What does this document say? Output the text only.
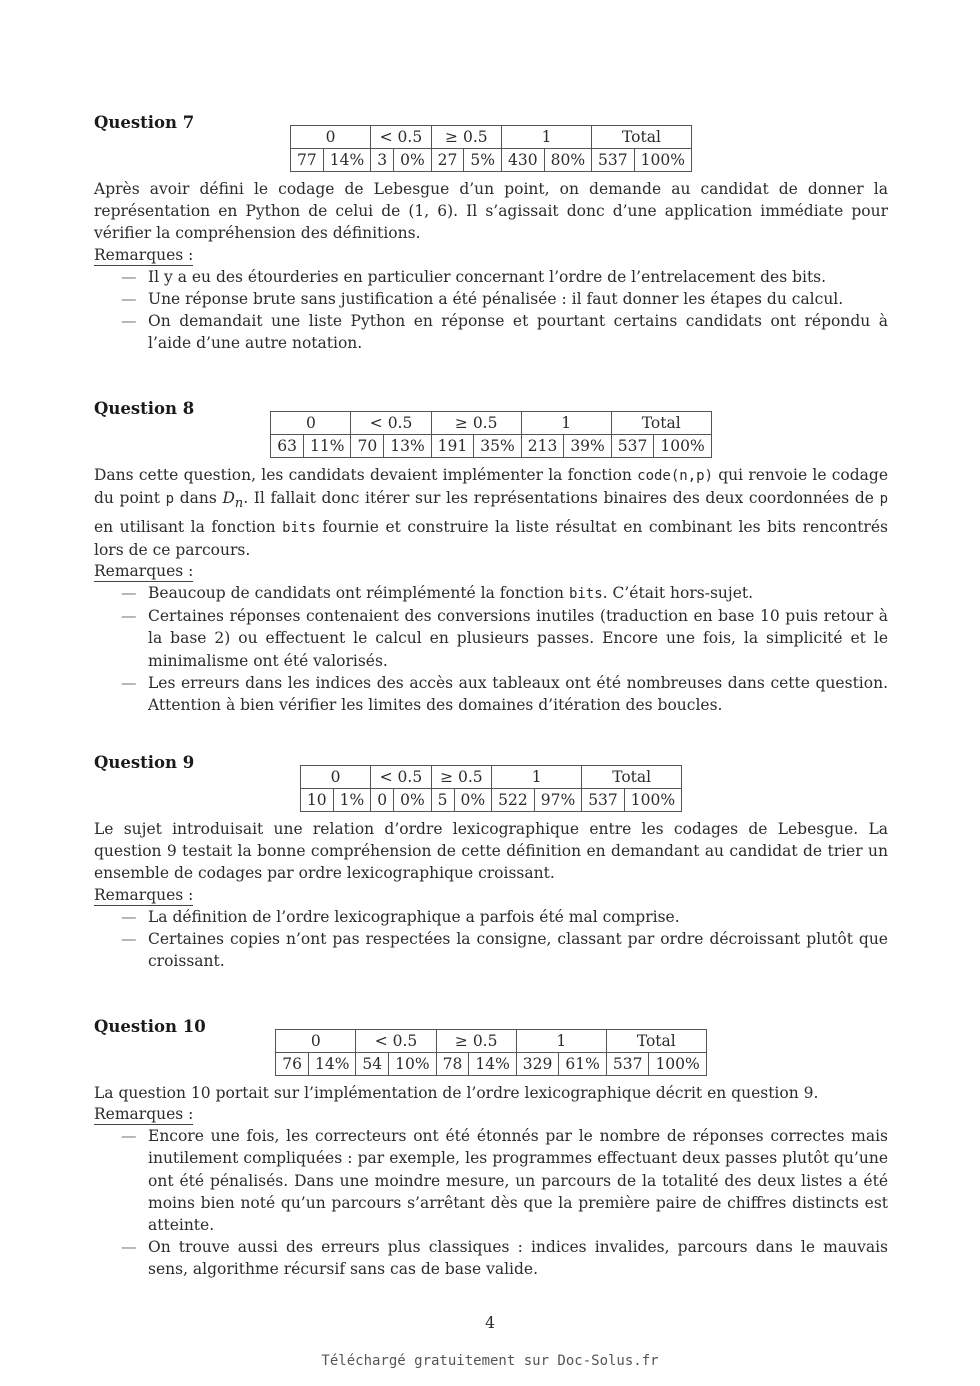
Question 7
0		< 0.5		≥ 0.5		1		Total	
77	14%	3	0%	27	5%	430	80%	537	100%

Après avoir défini le codage de Lebesgue d’un point, on demande au candidat de donner la représentation en Python de celui de (1, 6). Il s’agissait donc d’une application immédiate pour vérifier la compréhension des définitions.

Remarques :
— Il y a eu des étourderies en particulier concernant l’ordre de l’entrelacement des bits.
— Une réponse brute sans justification a été pénalisée : il faut donner les étapes du calcul.
— On demandait une liste Python en réponse et pourtant certains candidats ont répondu à l’aide d’une autre notation.
Question 8
0		< 0.5		≥ 0.5		1		Total	
63	11%	70	13%	191	35%	213	39%	537	100%

Dans cette question, les candidats devaient implémenter la fonction code(n,p) qui renvoie le codage du point p dans $D_n$. Il fallait donc itérer sur les représentations binaires des deux coordonnées de p en utilisant la fonction bits fournie et construire la liste résultat en combinant les bits rencontrés lors de ce parcours.

Remarques :
— Beaucoup de candidats ont réimplémenté la fonction bits. C’était hors-sujet.
— Certaines réponses contenaient des conversions inutiles (traduction en base 10 puis retour à la base 2) ou effectuent le calcul en plusieurs passes. Encore une fois, la simplicité et le minimalisme ont été valorisés.
— Les erreurs dans les indices des accès aux tableaux ont été nombreuses dans cette question. Attention à bien vérifier les limites des domaines d’itération des boucles.
Question 9
0		< 0.5		≥ 0.5		1		Total	
10	1%	0	0%	5	0%	522	97%	537	100%

Le sujet introduisait une relation d’ordre lexicographique entre les codages de Lebesgue. La question 9 testait la bonne compréhension de cette définition en demandant au candidat de trier un ensemble de codages par ordre lexicographique croissant.

Remarques :
— La définition de l’ordre lexicographique a parfois été mal comprise.
— Certaines copies n’ont pas respectées la consigne, classant par ordre décroissant plutôt que croissant.
Question 10
0		< 0.5		≥ 0.5		1		Total	
76	14%	54	10%	78	14%	329	61%	537	100%

La question 10 portait sur l’implémentation de l’ordre lexicographique décrit en question 9.

Remarques :
— Encore une fois, les correcteurs ont été étonnés par le nombre de réponses correctes mais inutilement compliquées : par exemple, les programmes effectuant deux passes plutôt qu’une ont été pénalisés. Dans une moindre mesure, un parcours de la totalité des deux listes a été moins bien noté qu’un parcours s’arrêtant dès que la première paire de chiffres distincts est atteinte.
— On trouve aussi des erreurs plus classiques : indices invalides, parcours dans le mauvais sens, algorithme récursif sans cas de base valide.
4
Téléchargé gratuitement sur Doc-Solus.fr
